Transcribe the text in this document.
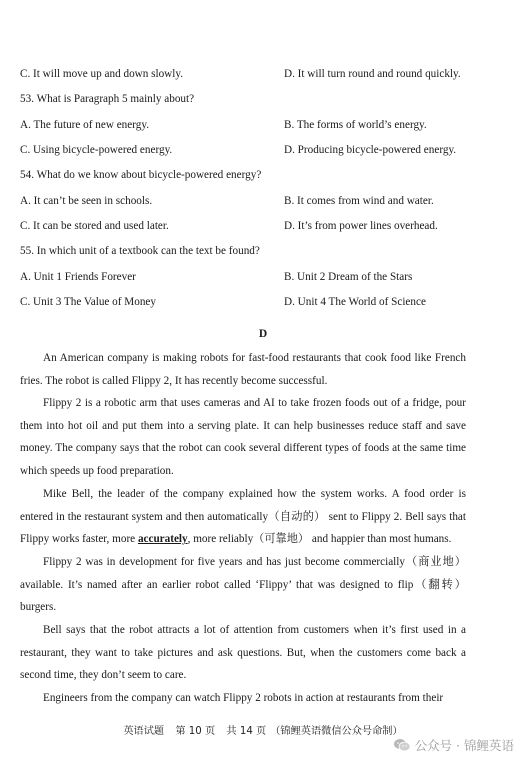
C. It will move up and down slowly.	D. It will turn round and round quickly.
53. What is Paragraph 5 mainly about?
A. The future of new energy.	B. The forms of world’s energy.
C. Using bicycle-powered energy.	D. Producing bicycle-powered energy.
54. What do we know about bicycle-powered energy?
A. It can’t be seen in schools.	B. It comes from wind and water.
C. It can be stored and used later.	D. It’s from power lines overhead.
55. In which unit of a textbook can the text be found?
A. Unit 1 Friends Forever	B. Unit 2 Dream of the Stars
C. Unit 3 The Value of Money	D. Unit 4 The World of Science
D
An American company is making robots for fast-food restaurants that cook food like French fries. The robot is called Flippy 2, It has recently become successful.
Flippy 2 is a robotic arm that uses cameras and AI to take frozen foods out of a fridge, pour them into hot oil and put them into a serving plate. It can help businesses reduce staff and save money. The company says that the robot can cook several different types of foods at the same time which speeds up food preparation.
Mike Bell, the leader of the company explained how the system works. A food order is entered in the restaurant system and then automatically（自动的） sent to Flippy 2. Bell says that Flippy works faster, more accurately, more reliably（可靠地） and happier than most humans.
Flippy 2 was in development for five years and has just become commercially（商业地） available. It’s named after an earlier robot called ‘Flippy’ that was designed to flip（翻转） burgers.
Bell says that the robot attracts a lot of attention from customers when it’s first used in a restaurant, they want to take pictures and ask questions. But, when the customers come back a second time, they don’t seem to care.
Engineers from the company can watch Flippy 2 robots in action at restaurants from their
英语试题 第 10 页 共 14 页 （锦鲤英语微信公众号命制）
公众号 · 锦鲤英语
